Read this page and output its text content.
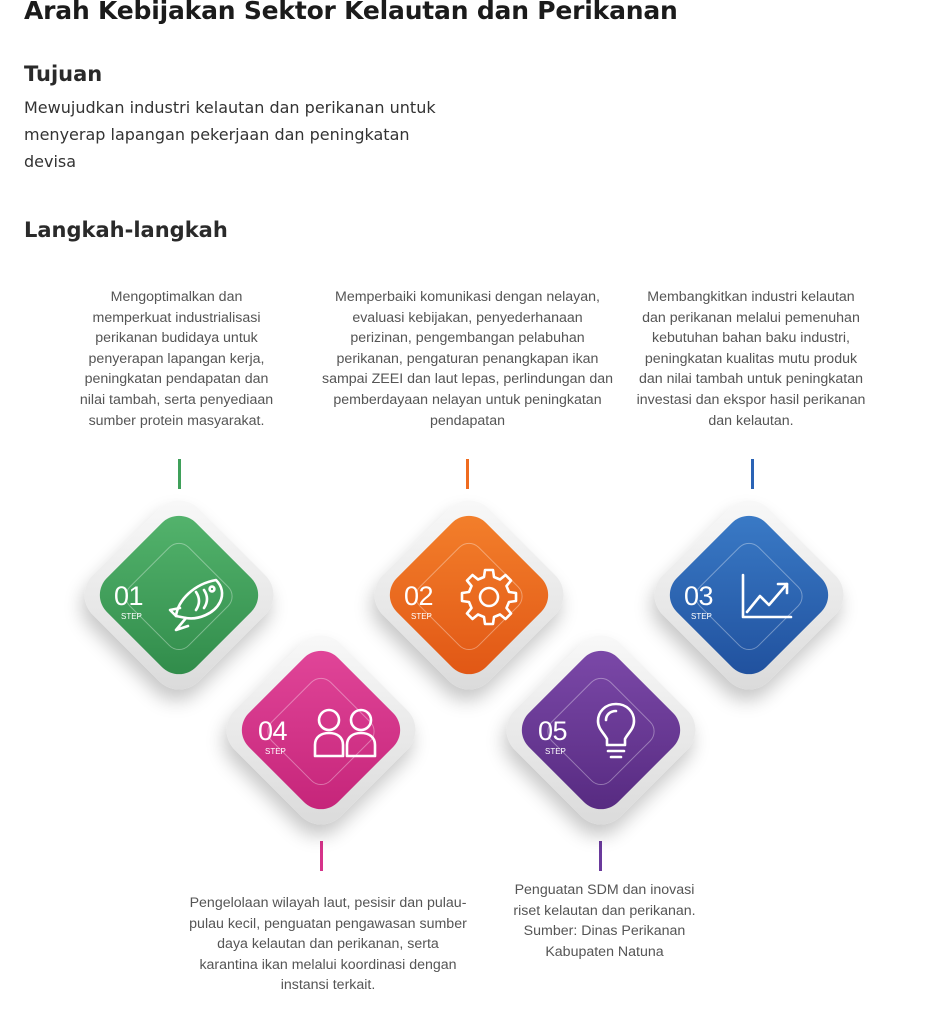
Arah Kebijakan Sektor Kelautan dan Perikanan
Tujuan
Mewujudkan industri kelautan dan perikanan untuk menyerap lapangan pekerjaan dan peningkatan devisa
Langkah-langkah
Mengoptimalkan dan memperkuat industrialisasi perikanan budidaya untuk penyerapan lapangan kerja, peningkatan pendapatan dan nilai tambah, serta penyediaan sumber protein masyarakat.
Memperbaiki komunikasi dengan nelayan, evaluasi kebijakan, penyederhanaan perizinan, pengembangan pelabuhan perikanan, pengaturan penangkapan ikan sampai ZEEI dan laut lepas, perlindungan dan pemberdayaan nelayan untuk peningkatan pendapatan
Membangkitkan industri kelautan dan perikanan melalui pemenuhan kebutuhan bahan baku industri, peningkatan kualitas mutu produk dan nilai tambah untuk peningkatan investasi dan ekspor hasil perikanan dan kelautan.
Pengelolaan wilayah laut, pesisir dan pulau-pulau kecil, penguatan pengawasan sumber daya kelautan dan perikanan, serta karantina ikan melalui koordinasi dengan instansi terkait.
Penguatan SDM dan inovasi riset kelautan dan perikanan. Sumber: Dinas Perikanan Kabupaten Natuna
01
STEP
02
STEP
03
STEP
04
STEP
05
STEP
